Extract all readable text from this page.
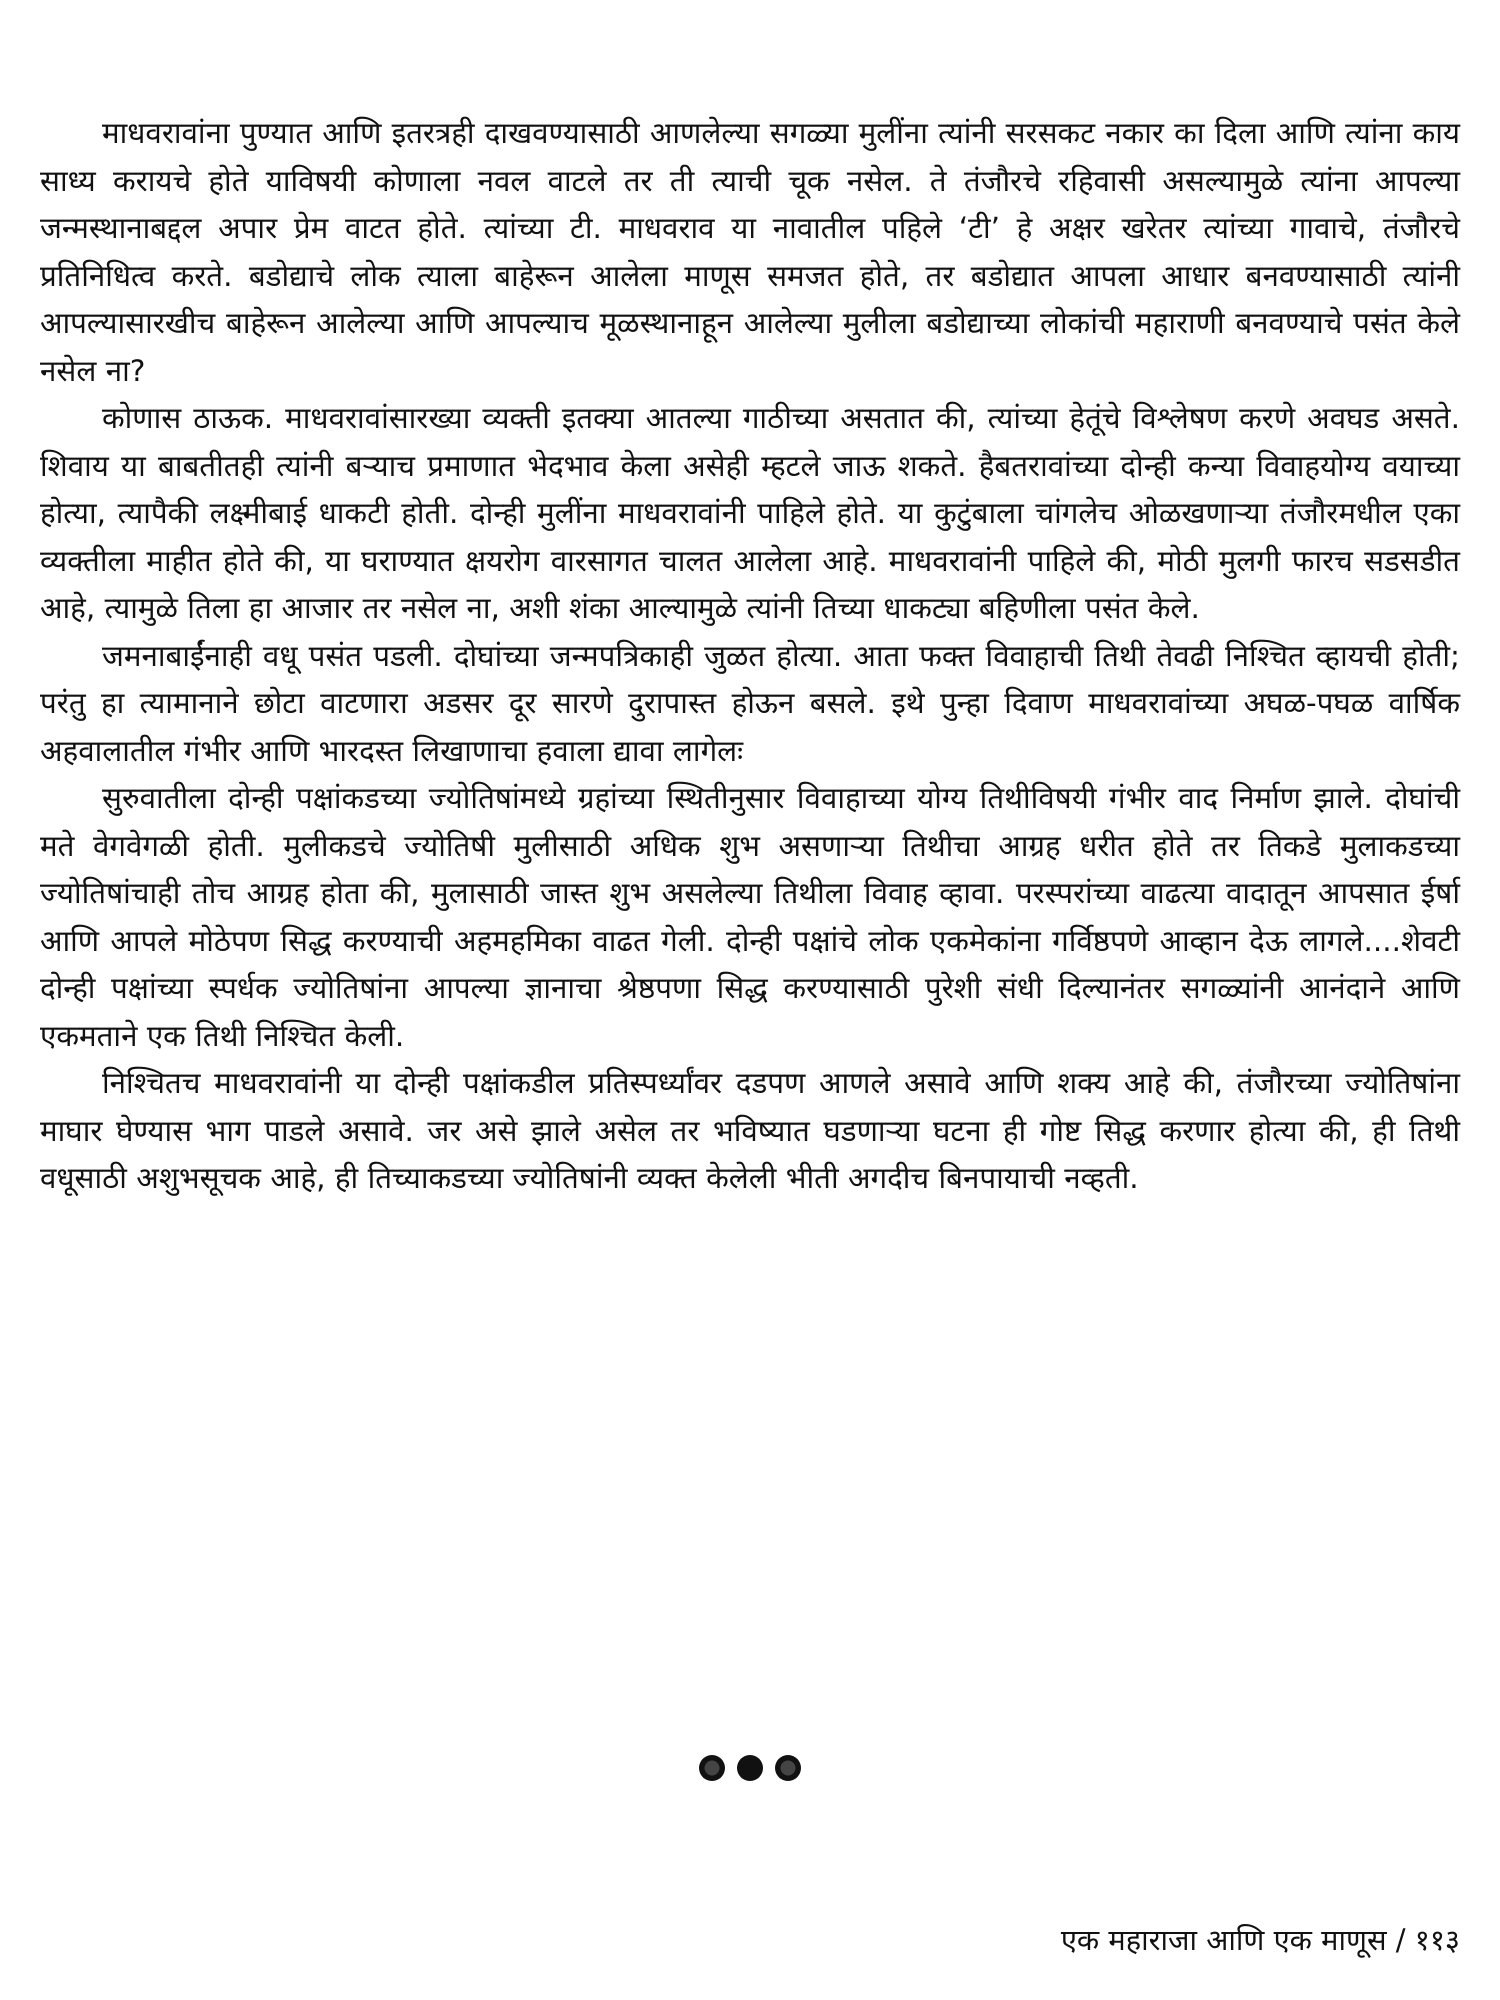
माधवरावांना पुण्यात आणि इतरत्रही दाखवण्यासाठी आणलेल्या सगळ्या मुलींना त्यांनी सरसकट नकार का दिला आणि त्यांना काय साध्य करायचे होते याविषयी कोणाला नवल वाटले तर ती त्याची चूक नसेल. ते तंजौरचे रहिवासी असल्यामुळे त्यांना आपल्या जन्मस्थानाबद्दल अपार प्रेम वाटत होते. त्यांच्या टी. माधवराव या नावातील पहिले ‘टी’ हे अक्षर खरेतर त्यांच्या गावाचे, तंजौरचे प्रतिनिधित्व करते. बडोद्याचे लोक त्याला बाहेरून आलेला माणूस समजत होते, तर बडोद्यात आपला आधार बनवण्यासाठी त्यांनी आपल्यासारखीच बाहेरून आलेल्या आणि आपल्याच मूळस्थानाहून आलेल्या मुलीला बडोद्याच्या लोकांची महाराणी बनवण्याचे पसंत केले नसेल ना?

कोणास ठाऊक. माधवरावांसारख्या व्यक्ती इतक्या आतल्या गाठीच्या असतात की, त्यांच्या हेतूंचे विश्लेषण करणे अवघड असते. शिवाय या बाबतीतही त्यांनी बऱ्याच प्रमाणात भेदभाव केला असेही म्हटले जाऊ शकते. हैबतरावांच्या दोन्ही कन्या विवाहयोग्य वयाच्या होत्या, त्यापैकी लक्ष्मीबाई धाकटी होती. दोन्ही मुलींना माधवरावांनी पाहिले होते. या कुटुंबाला चांगलेच ओळखणाऱ्या तंजौरमधील एका व्यक्तीला माहीत होते की, या घराण्यात क्षयरोग वारसागत चालत आलेला आहे. माधवरावांनी पाहिले की, मोठी मुलगी फारच सडसडीत आहे, त्यामुळे तिला हा आजार तर नसेल ना, अशी शंका आल्यामुळे त्यांनी तिच्या धाकट्या बहिणीला पसंत केले.

जमनाबाईंनाही वधू पसंत पडली. दोघांच्या जन्मपत्रिकाही जुळत होत्या. आता फक्त विवाहाची तिथी तेवढी निश्चित व्हायची होती; परंतु हा त्यामानाने छोटा वाटणारा अडसर दूर सारणे दुरापास्त होऊन बसले. इथे पुन्हा दिवाण माधवरावांच्या अघळ-पघळ वार्षिक अहवालातील गंभीर आणि भारदस्त लिखाणाचा हवाला द्यावा लागेलः

सुरुवातीला दोन्ही पक्षांकडच्या ज्योतिषांमध्ये ग्रहांच्या स्थितीनुसार विवाहाच्या योग्य तिथीविषयी गंभीर वाद निर्माण झाले. दोघांची मते वेगवेगळी होती. मुलीकडचे ज्योतिषी मुलीसाठी अधिक शुभ असणाऱ्या तिथीचा आग्रह धरीत होते तर तिकडे मुलाकडच्या ज्योतिषांचाही तोच आग्रह होता की, मुलासाठी जास्त शुभ असलेल्या तिथीला विवाह व्हावा. परस्परांच्या वाढत्या वादातून आपसात ईर्षा आणि आपले मोठेपण सिद्ध करण्याची अहमहमिका वाढत गेली. दोन्ही पक्षांचे लोक एकमेकांना गर्विष्ठपणे आव्हान देऊ लागले....शेवटी दोन्ही पक्षांच्या स्पर्धक ज्योतिषांना आपल्या ज्ञानाचा श्रेष्ठपणा सिद्ध करण्यासाठी पुरेशी संधी दिल्यानंतर सगळ्यांनी आनंदाने आणि एकमताने एक तिथी निश्चित केली.

निश्चितच माधवरावांनी या दोन्ही पक्षांकडील प्रतिस्पर्ध्यांवर दडपण आणले असावे आणि शक्य आहे की, तंजौरच्या ज्योतिषांना माघार घेण्यास भाग पाडले असावे. जर असे झाले असेल तर भविष्यात घडणाऱ्या घटना ही गोष्ट सिद्ध करणार होत्या की, ही तिथी वधूसाठी अशुभसूचक आहे, ही तिच्याकडच्या ज्योतिषांनी व्यक्त केलेली भीती अगदीच बिनपायाची नव्हती.

एक महाराजा आणि एक माणूस / ११३
